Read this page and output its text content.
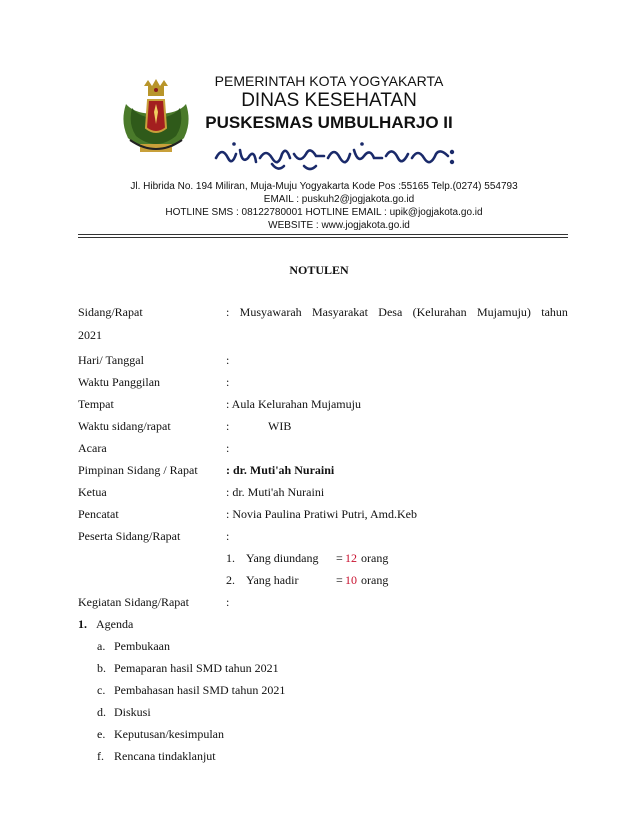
PEMERINTAH KOTA YOGYAKARTA
DINAS KESEHATAN
PUSKESMAS UMBULHARJO II
Jl. Hibrida No. 194 Miliran, Muja-Muju Yogyakarta Kode Pos :55165 Telp.(0274) 554793
EMAIL : puskuh2@jogjakota.go.id
HOTLINE SMS : 08122780001 HOTLINE EMAIL : upik@jogjakota.go.id
WEBSITE : www.jogjakota.go.id
NOTULEN
Sidang/Rapat	: Musyawarah Masyarakat Desa (Kelurahan Mujamuju) tahun
2021
Hari/ Tanggal	:
Waktu Panggilan	:
Tempat	: Aula Kelurahan Mujamuju
Waktu sidang/rapat	:	WIB
Acara	:
Pimpinan Sidang / Rapat : dr. Muti'ah Nuraini
Ketua	: dr. Muti'ah Nuraini
Pencatat	: Novia Paulina Pratiwi Putri, Amd.Keb
Peserta Sidang/Rapat	:
1. Yang diundang = 12 orang
2. Yang hadir	= 10 orang
Kegiatan Sidang/Rapat	:
1. Agenda
a. Pembukaan
b. Pemaparan hasil SMD tahun 2021
c. Pembahasan hasil SMD tahun 2021
d. Diskusi
e. Keputusan/kesimpulan
f. Rencana tindaklanjut
